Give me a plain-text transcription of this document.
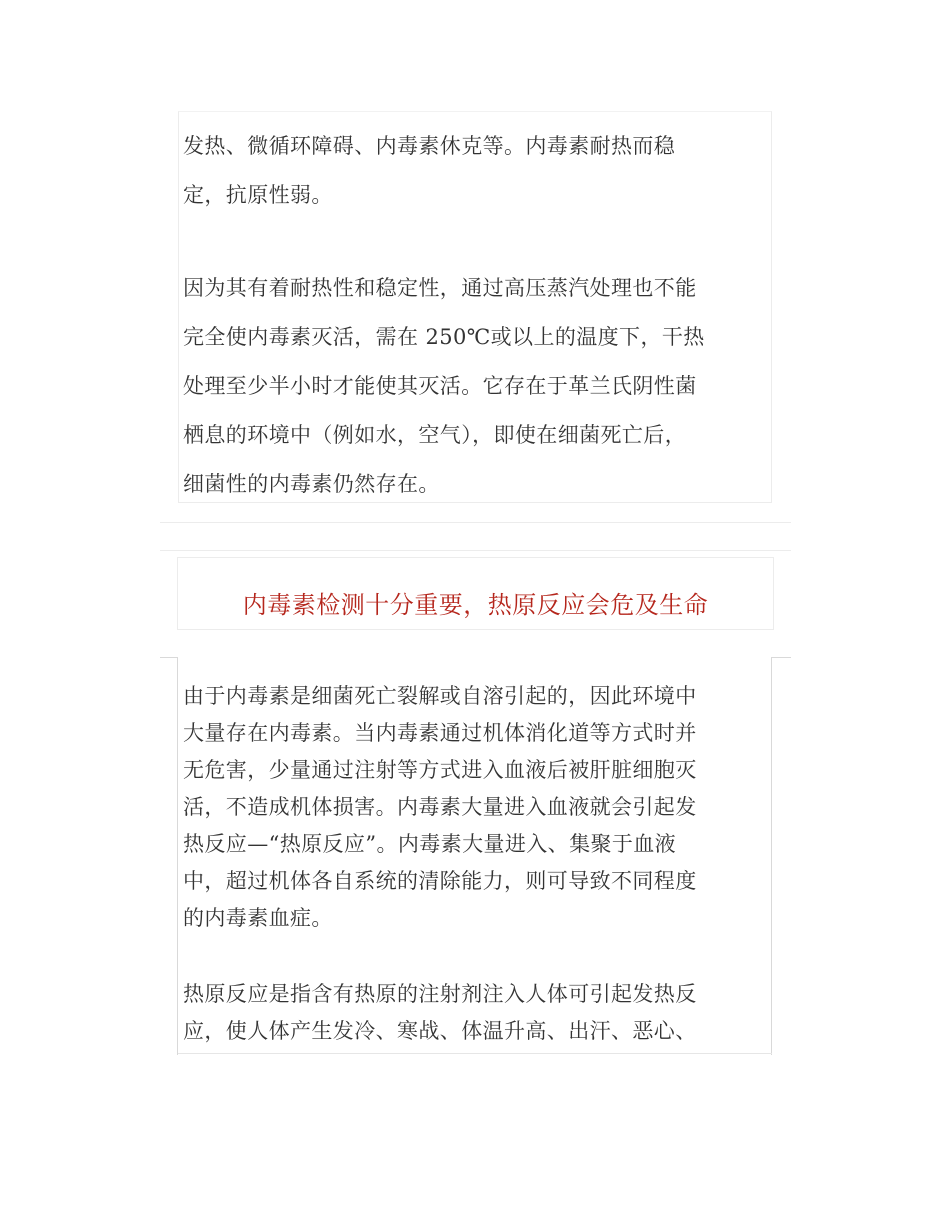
发热、微循环障碍、内毒素休克等。内毒素耐热而稳
定，抗原性弱。

因为其有着耐热性和稳定性，通过高压蒸汽处理也不能
完全使内毒素灭活，需在 250℃或以上的温度下，干热
处理至少半小时才能使其灭活。它存在于革兰氏阴性菌
栖息的环境中（例如水，空气），即使在细菌死亡后，
细菌性的内毒素仍然存在。

内毒素检测十分重要，热原反应会危及生命

由于内毒素是细菌死亡裂解或自溶引起的，因此环境中
大量存在内毒素。当内毒素通过机体消化道等方式时并
无危害，少量通过注射等方式进入血液后被肝脏细胞灭
活，不造成机体损害。内毒素大量进入血液就会引起发
热反应—“热原反应”。内毒素大量进入、集聚于血液
中，超过机体各自系统的清除能力，则可导致不同程度
的内毒素血症。

热原反应是指含有热原的注射剂注入人体可引起发热反
应，使人体产生发冷、寒战、体温升高、出汗、恶心、
